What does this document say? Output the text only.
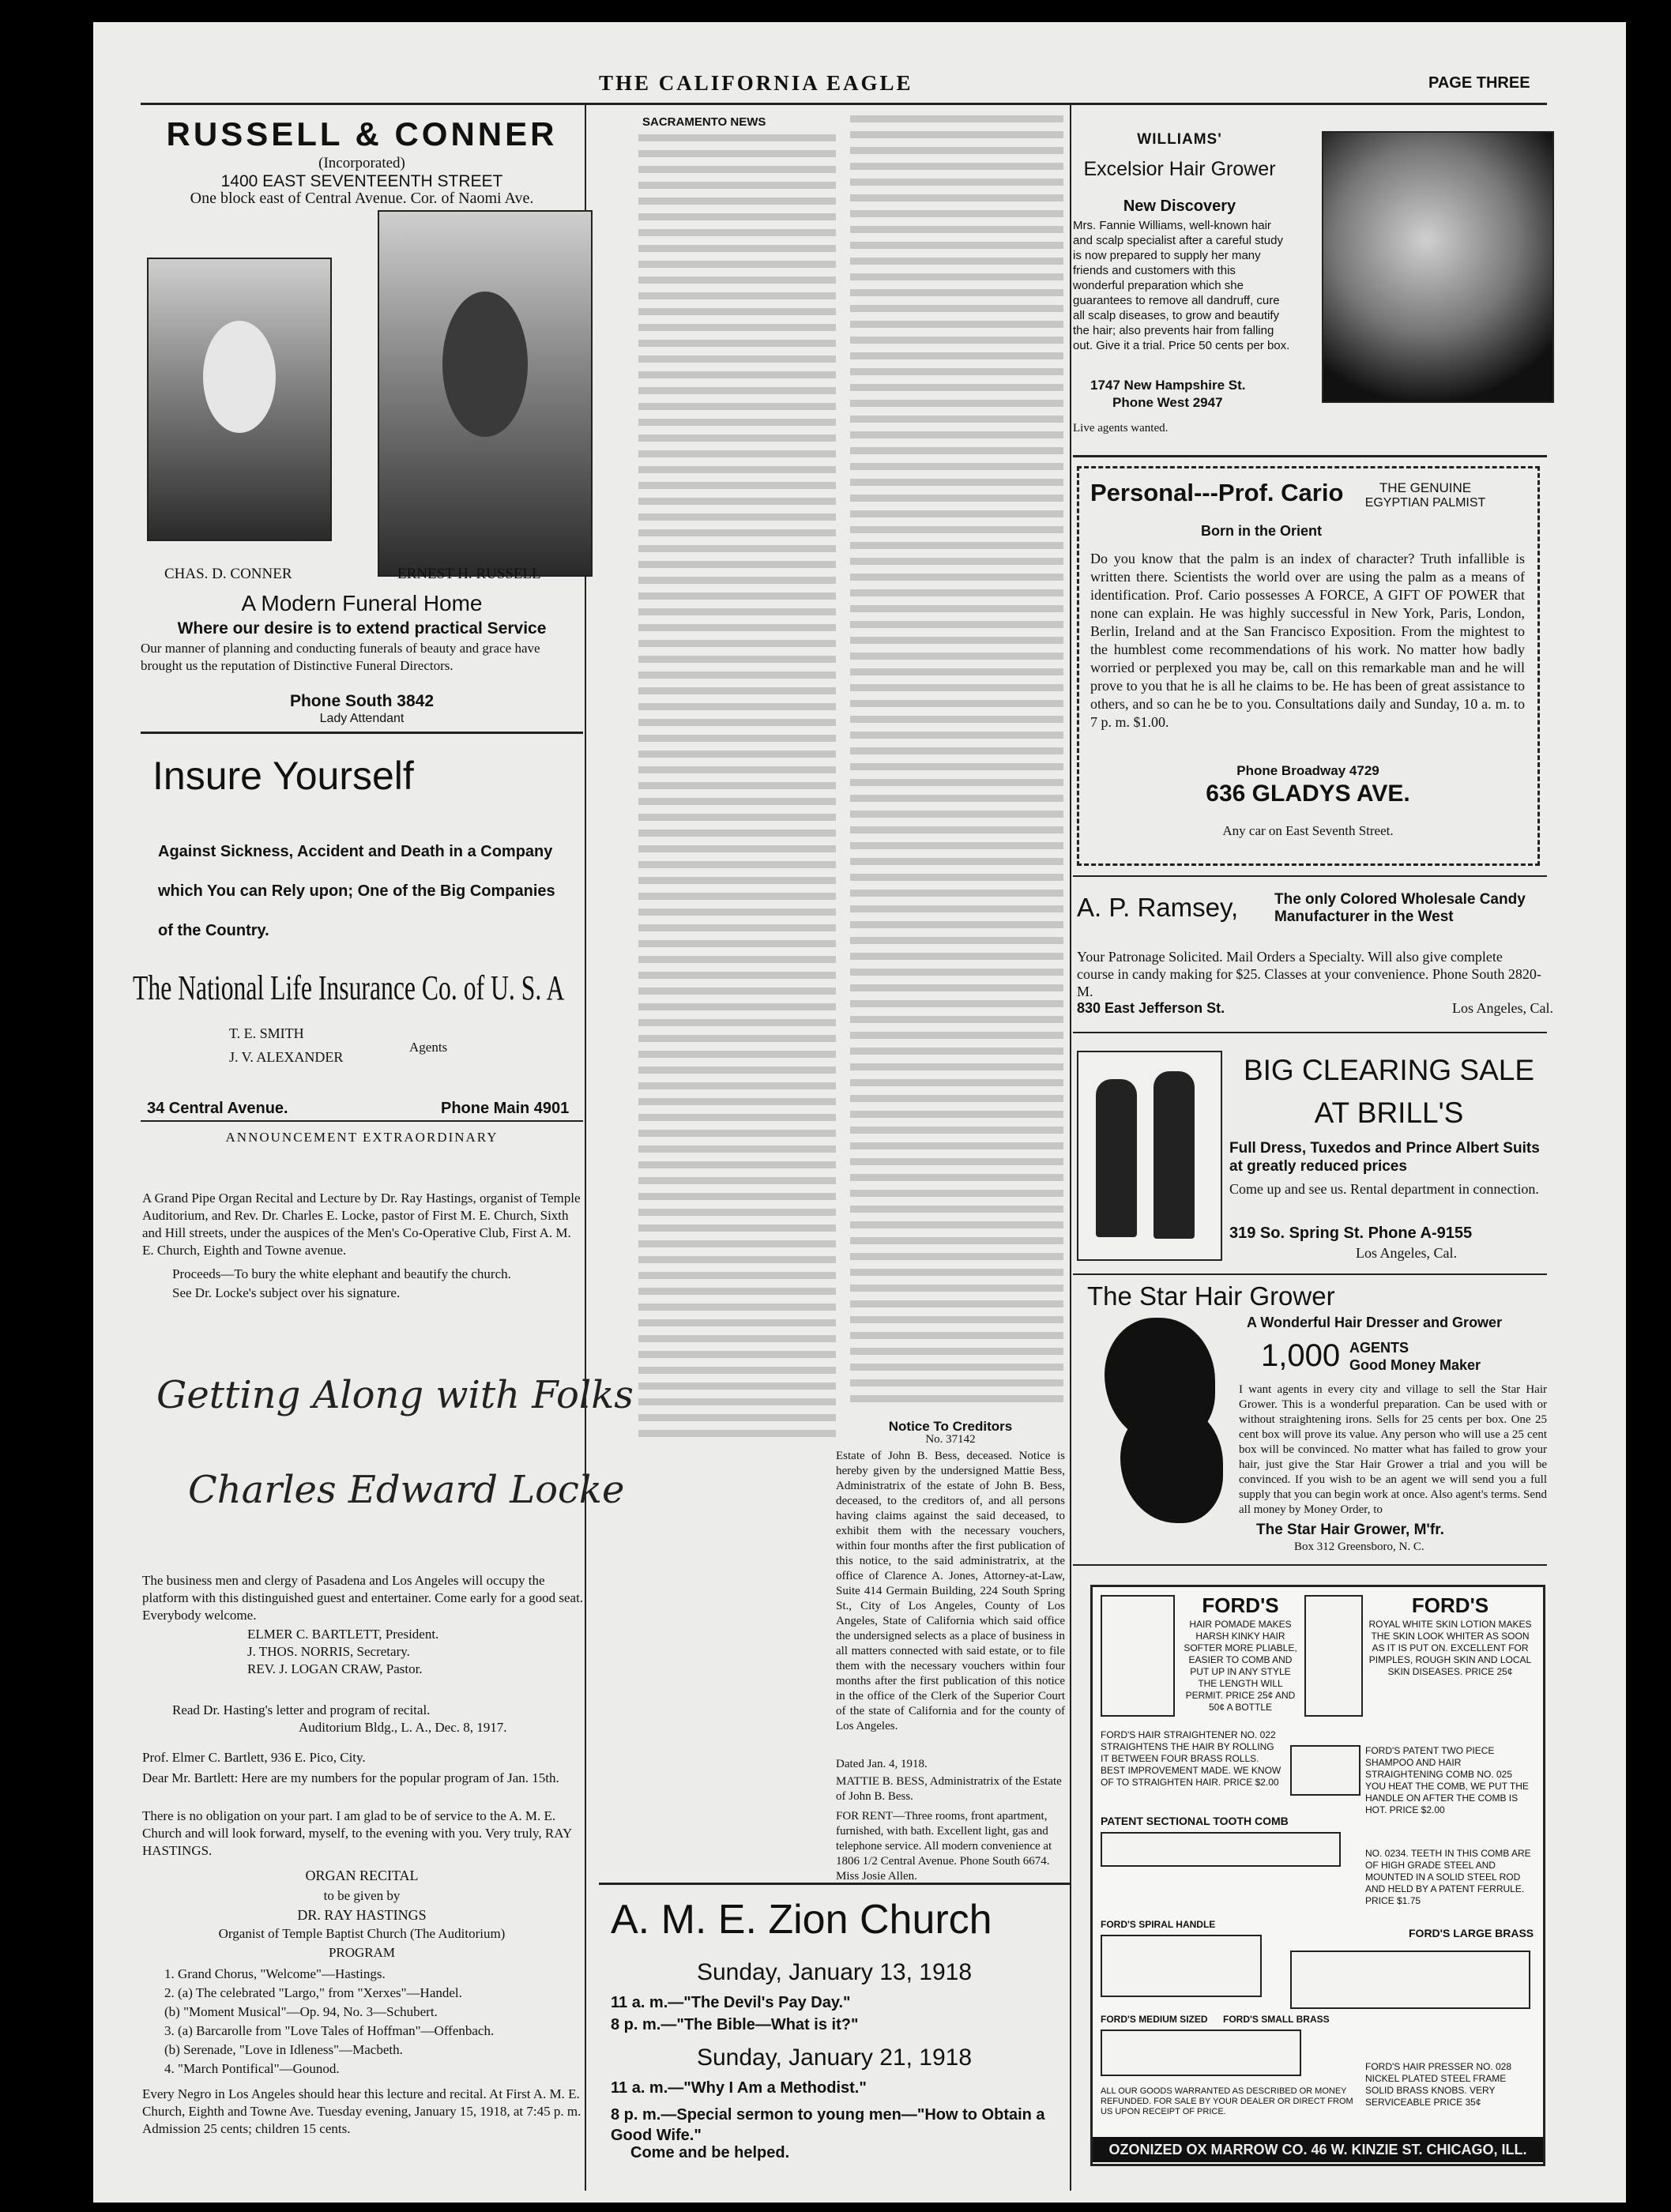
THE CALIFORNIA EAGLE	PAGE THREE
RUSSELL & CONNER
(Incorporated)
1400 EAST SEVENTEENTH STREET
One block east of Central Avenue. Cor. of Naomi Ave.
CHAS. D. CONNER	ERNEST H. RUSSELL
A Modern Funeral Home
Where our desire is to extend practical Service
Our manner of planning and conducting funerals of beauty and grace have brought us the reputation of Distinctive Funeral Directors.
Phone South 3842
Lady Attendant
Insure Yourself
Against Sickness, Accident and Death in a Company which You can Rely upon; One of the Big Companies of the Country.
The National Life Insurance Co. of U. S. A
T. E. SMITH
J. V. ALEXANDER
Agents
34 Central Avenue.	Phone Main 4901
ANNOUNCEMENT EXTRAORDINARY
A Grand Pipe Organ Recital and Lecture by Dr. Ray Hastings, organist of Temple Auditorium, and Rev. Dr. Charles E. Locke, pastor of First M. E. Church, Sixth and Hill streets, under the auspices of the Men's Co-Operative Club, First A. M. E. Church, Eighth and Towne avenue.
Proceeds—To bury the white elephant and beautify the church.
See Dr. Locke's subject over his signature.
Getting Along with Folks
Charles Edward Locke
The business men and clergy of Pasadena and Los Angeles will occupy the platform with this distinguished guest and entertainer. Come early for a good seat. Everybody welcome.
ELMER C. BARTLETT, President.
J. THOS. NORRIS, Secretary.
REV. J. LOGAN CRAW, Pastor.
Read Dr. Hasting's letter and program of recital.
Auditorium Bldg., L. A., Dec. 8, 1917.
Prof. Elmer C. Bartlett, 936 E. Pico, City.
Dear Mr. Bartlett: Here are my numbers for the popular program of Jan. 15th.
There is no obligation on your part. I am glad to be of service to the A. M. E. Church and will look forward, myself, to the evening with you. Very truly, RAY HASTINGS.
ORGAN RECITAL
to be given by
DR. RAY HASTINGS
Organist of Temple Baptist Church (The Auditorium)
PROGRAM
1. Grand Chorus, "Welcome"—Hastings.
2. (a) The celebrated "Largo," from "Xerxes"—Handel.
(b) "Moment Musical"—Op. 94, No. 3—Schubert.
3. (a) Barcarolle from "Love Tales of Hoffman"—Offenbach.
(b) Serenade, "Love in Idleness"—Macbeth.
4. "March Pontifical"—Gounod.
Every Negro in Los Angeles should hear this lecture and recital. At First A. M. E. Church, Eighth and Towne Ave. Tuesday evening, January 15, 1918, at 7:45 p. m. Admission 25 cents; children 15 cents.
SACRAMENTO NEWS
Notice To Creditors
No. 37142
Estate of John B. Bess, deceased. Notice is hereby given by the undersigned Mattie Bess, Administratrix of the estate of John B. Bess, deceased, to the creditors of, and all persons having claims against the said deceased, to exhibit them with the necessary vouchers, within four months after the first publication of this notice, to the said administratrix, at the office of Clarence A. Jones, Attorney-at-Law, Suite 414 Germain Building, 224 South Spring St., City of Los Angeles, County of Los Angeles, State of California which said office the undersigned selects as a place of business in all matters connected with said estate, or to file them with the necessary vouchers within four months after the first publication of this notice in the office of the Clerk of the Superior Court of the state of California and for the county of Los Angeles.
Dated Jan. 4, 1918.
MATTIE B. BESS, Administratrix of the Estate of John B. Bess.
FOR RENT—Three rooms, front apartment, furnished, with bath. Excellent light, gas and telephone service. All modern convenience at 1806 1/2 Central Avenue. Phone South 6674. Miss Josie Allen.
A. M. E. Zion Church
Sunday, January 13, 1918
11 a. m.—"The Devil's Pay Day."
8 p. m.—"The Bible—What is it?"
Sunday, January 21, 1918
11 a. m.—"Why I Am a Methodist."
8 p. m.—Special sermon to young men—"How to Obtain a Good Wife."
Come and be helped.
WILLIAMS'
Excelsior Hair Grower
New Discovery
Mrs. Fannie Williams, well-known hair and scalp specialist after a careful study is now prepared to supply her many friends and customers with this wonderful preparation which she guarantees to remove all dandruff, cure all scalp diseases, to grow and beautify the hair; also prevents hair from falling out. Give it a trial. Price 50 cents per box.
1747 New Hampshire St.
Phone West 2947
Live agents wanted.
Personal---Prof. Cario	THE GENUINE
EGYPTIAN PALMIST
Born in the Orient
Do you know that the palm is an index of character? Truth infallible is written there. Scientists the world over are using the palm as a means of identification. Prof. Cario possesses A FORCE, A GIFT OF POWER that none can explain. He was highly successful in New York, Paris, London, Berlin, Ireland and at the San Francisco Exposition. From the mightest to the humblest come recommendations of his work. No matter how badly worried or perplexed you may be, call on this remarkable man and he will prove to you that he is all he claims to be. He has been of great assistance to others, and so can he be to you. Consultations daily and Sunday, 10 a. m. to 7 p. m. $1.00.
Phone Broadway 4729
636 GLADYS AVE.
Any car on East Seventh Street.
A. P. Ramsey, The only Colored Wholesale Candy Manufacturer in the West
Your Patronage Solicited. Mail Orders a Specialty. Will also give complete course in candy making for $25. Classes at your convenience. Phone South 2820-M.
830 East Jefferson St.	Los Angeles, Cal.
BIG CLEARING SALE
AT BRILL'S
Full Dress, Tuxedos and Prince Albert Suits at greatly reduced prices
Come up and see us. Rental department in connection.
319 So. Spring St. Phone A-9155
Los Angeles, Cal.
The Star Hair Grower
A Wonderful Hair Dresser and Grower
1,000 AGENTS
Good Money Maker
I want agents in every city and village to sell the Star Hair Grower. This is a wonderful preparation. Can be used with or without straightening irons. Sells for 25 cents per box. One 25 cent box will prove its value. Any person who will use a 25 cent box will be convinced. No matter what has failed to grow your hair, just give the Star Hair Grower a trial and you will be convinced. If you wish to be an agent we will send you a full supply that you can begin work at once. Also agent's terms. Send all money by Money Order, to
The Star Hair Grower, M'fr.
Box 312 Greensboro, N. C.
FORD'S
HAIR POMADE MAKES HARSH KINKY HAIR SOFTER MORE PLIABLE, EASIER TO COMB AND PUT UP IN ANY STYLE THE LENGTH WILL PERMIT. PRICE 25¢ AND 50¢ A BOTTLE
FORD'S
ROYAL WHITE SKIN LOTION MAKES THE SKIN LOOK WHITER AS SOON AS IT IS PUT ON. EXCELLENT FOR PIMPLES, ROUGH SKIN AND LOCAL SKIN DISEASES. PRICE 25¢
FORD'S HAIR STRAIGHTENER NO. 022 STRAIGHTENS THE HAIR BY ROLLING IT BETWEEN FOUR BRASS ROLLS. BEST IMPROVEMENT MADE. WE KNOW OF TO STRAIGHTEN HAIR. PRICE $2.00
FORD'S PATENT TWO PIECE SHAMPOO AND HAIR STRAIGHTENING COMB NO. 025 YOU HEAT THE COMB, WE PUT THE HANDLE ON AFTER THE COMB IS HOT. PRICE $2.00
PATENT SECTIONAL TOOTH COMB
NO. 0234. TEETH IN THIS COMB ARE OF HIGH GRADE STEEL AND MOUNTED IN A SOLID STEEL ROD AND HELD BY A PATENT FERRULE. PRICE $1.75
FORD'S SPIRAL HANDLE
FORD'S LARGE BRASS
FORD'S MEDIUM SIZED FORD'S SMALL BRASS
FORD'S HAIR PRESSER NO. 028 NICKEL PLATED STEEL FRAME SOLID BRASS KNOBS. VERY SERVICEABLE PRICE 35¢
ALL OUR GOODS WARRANTED AS DESCRIBED OR MONEY REFUNDED. FOR SALE BY YOUR DEALER OR DIRECT FROM US UPON RECEIPT OF PRICE.
OZONIZED OX MARROW CO. 46 W. KINZIE ST. CHICAGO, ILL.
